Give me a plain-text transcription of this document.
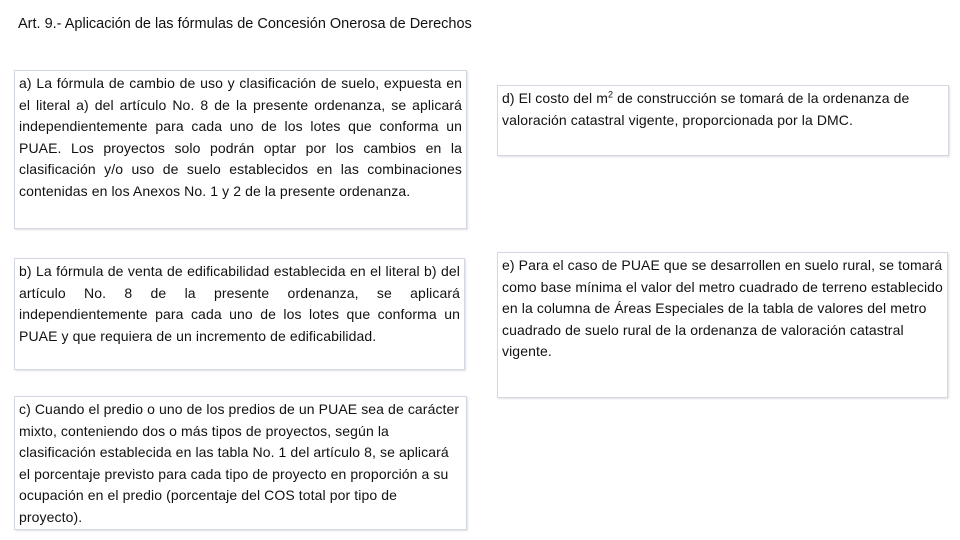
Art. 9.- Aplicación de las fórmulas de Concesión Onerosa de Derechos
a) La fórmula de cambio de uso y clasificación de suelo, expuesta en el literal a) del artículo No. 8 de la presente ordenanza, se aplicará independientemente para cada uno de los lotes que conforma un PUAE. Los proyectos solo podrán optar por los cambios en la clasificación y/o uso de suelo establecidos en las combinaciones contenidas en los Anexos No. 1 y 2 de la presente ordenanza.
b) La fórmula de venta de edificabilidad establecida en el literal b) del artículo No. 8 de la presente ordenanza, se aplicará independientemente para cada uno de los lotes que conforma un PUAE y que requiera de un incremento de edificabilidad.
c) Cuando el predio o uno de los predios de un PUAE sea de carácter mixto, conteniendo dos o más tipos de proyectos, según la clasificación establecida en las tabla No. 1 del artículo 8, se aplicará el porcentaje previsto para cada tipo de proyecto en proporción a su ocupación en el predio (porcentaje del COS total por tipo de proyecto).
d) El costo del $m^2$ de construcción se tomará de la ordenanza de valoración catastral vigente, proporcionada por la DMC.
e) Para el caso de PUAE que se desarrollen en suelo rural, se tomará como base mínima el valor del metro cuadrado de terreno establecido en la columna de Áreas Especiales de la tabla de valores del metro cuadrado de suelo rural de la ordenanza de valoración catastral vigente.
